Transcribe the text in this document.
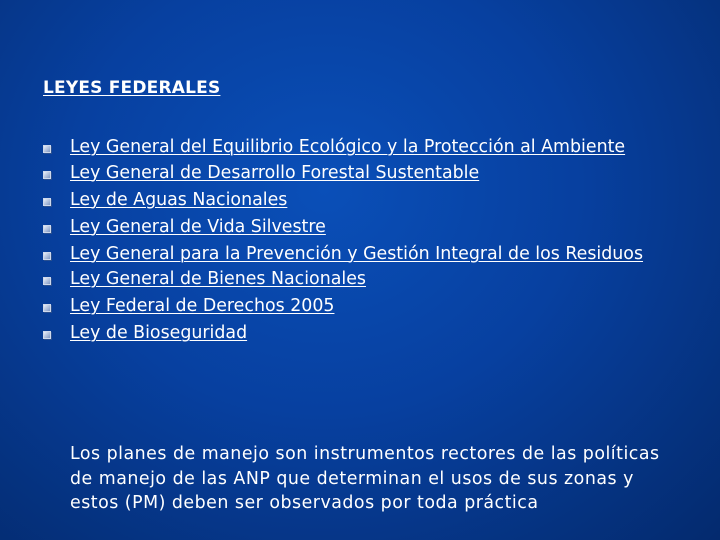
LEYES FEDERALES
Ley General del Equilibrio Ecológico y la Protección al Ambiente
Ley General de Desarrollo Forestal Sustentable
Ley de Aguas Nacionales
Ley General de Vida Silvestre
Ley General para la Prevención y Gestión Integral de los Residuos
Ley General de Bienes Nacionales
Ley Federal de Derechos 2005
Ley de Bioseguridad

Los planes de manejo son instrumentos rectores de las políticas de manejo de las ANP que determinan el usos de sus zonas y estos (PM) deben ser observados por toda práctica
